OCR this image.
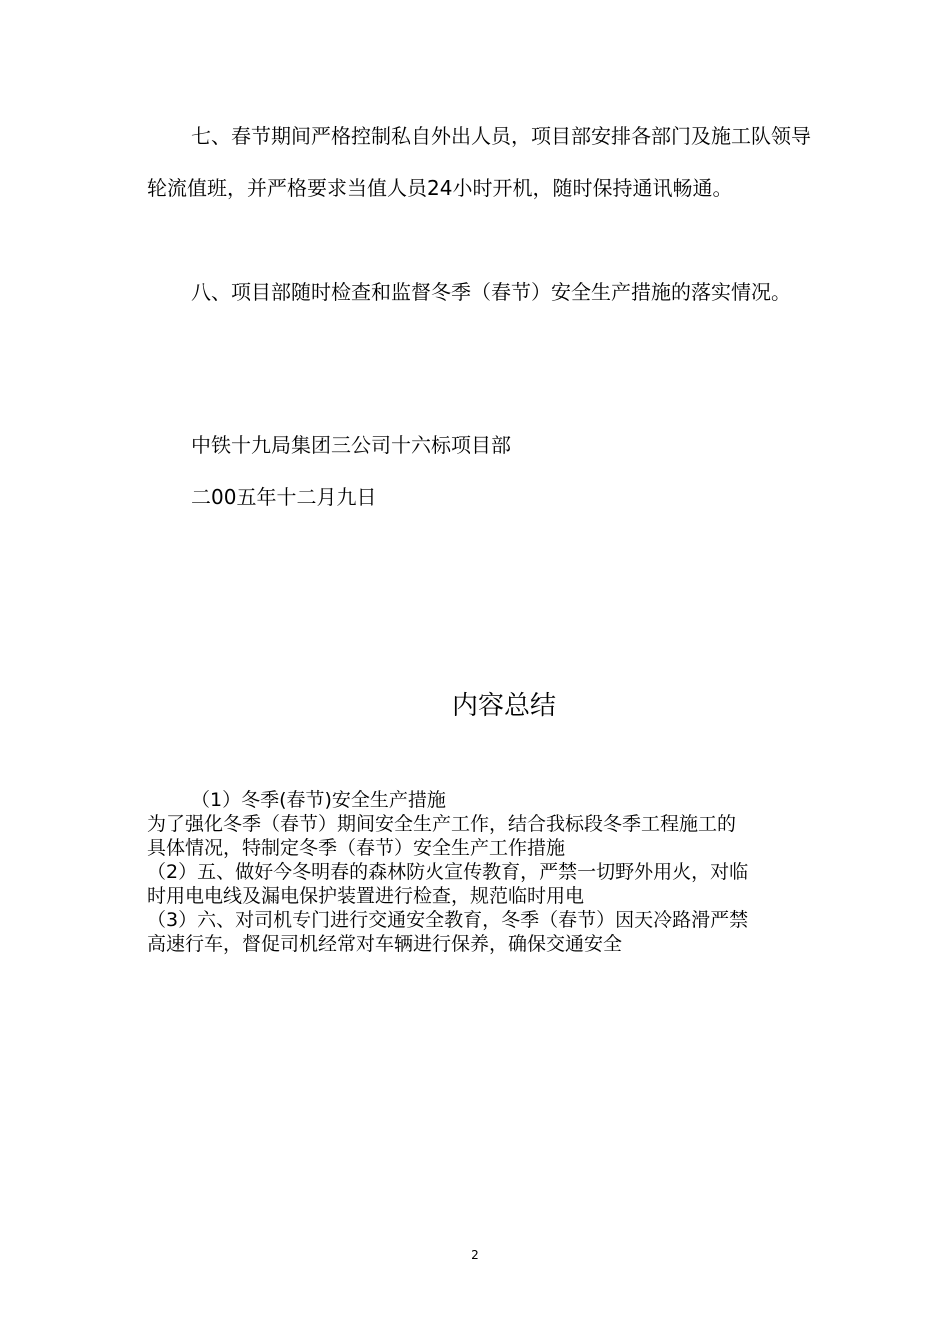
七、春节期间严格控制私自外出人员，项目部安排各部门及施工队领导轮流值班，并严格要求当值人员24小时开机，随时保持通讯畅通。

八、项目部随时检查和监督冬季（春节）安全生产措施的落实情况。

中铁十九局集团三公司十六标项目部
二00五年十二月九日
内容总结
（1）冬季(春节)安全生产措施
为了强化冬季（春节）期间安全生产工作，结合我标段冬季工程施工的
具体情况，特制定冬季（春节）安全生产工作措施
（2）五、做好今冬明春的森林防火宣传教育，严禁一切野外用火，对临
时用电电线及漏电保护装置进行检查，规范临时用电
（3）六、对司机专门进行交通安全教育，冬季（春节）因天冷路滑严禁
高速行车，督促司机经常对车辆进行保养，确保交通安全
2
